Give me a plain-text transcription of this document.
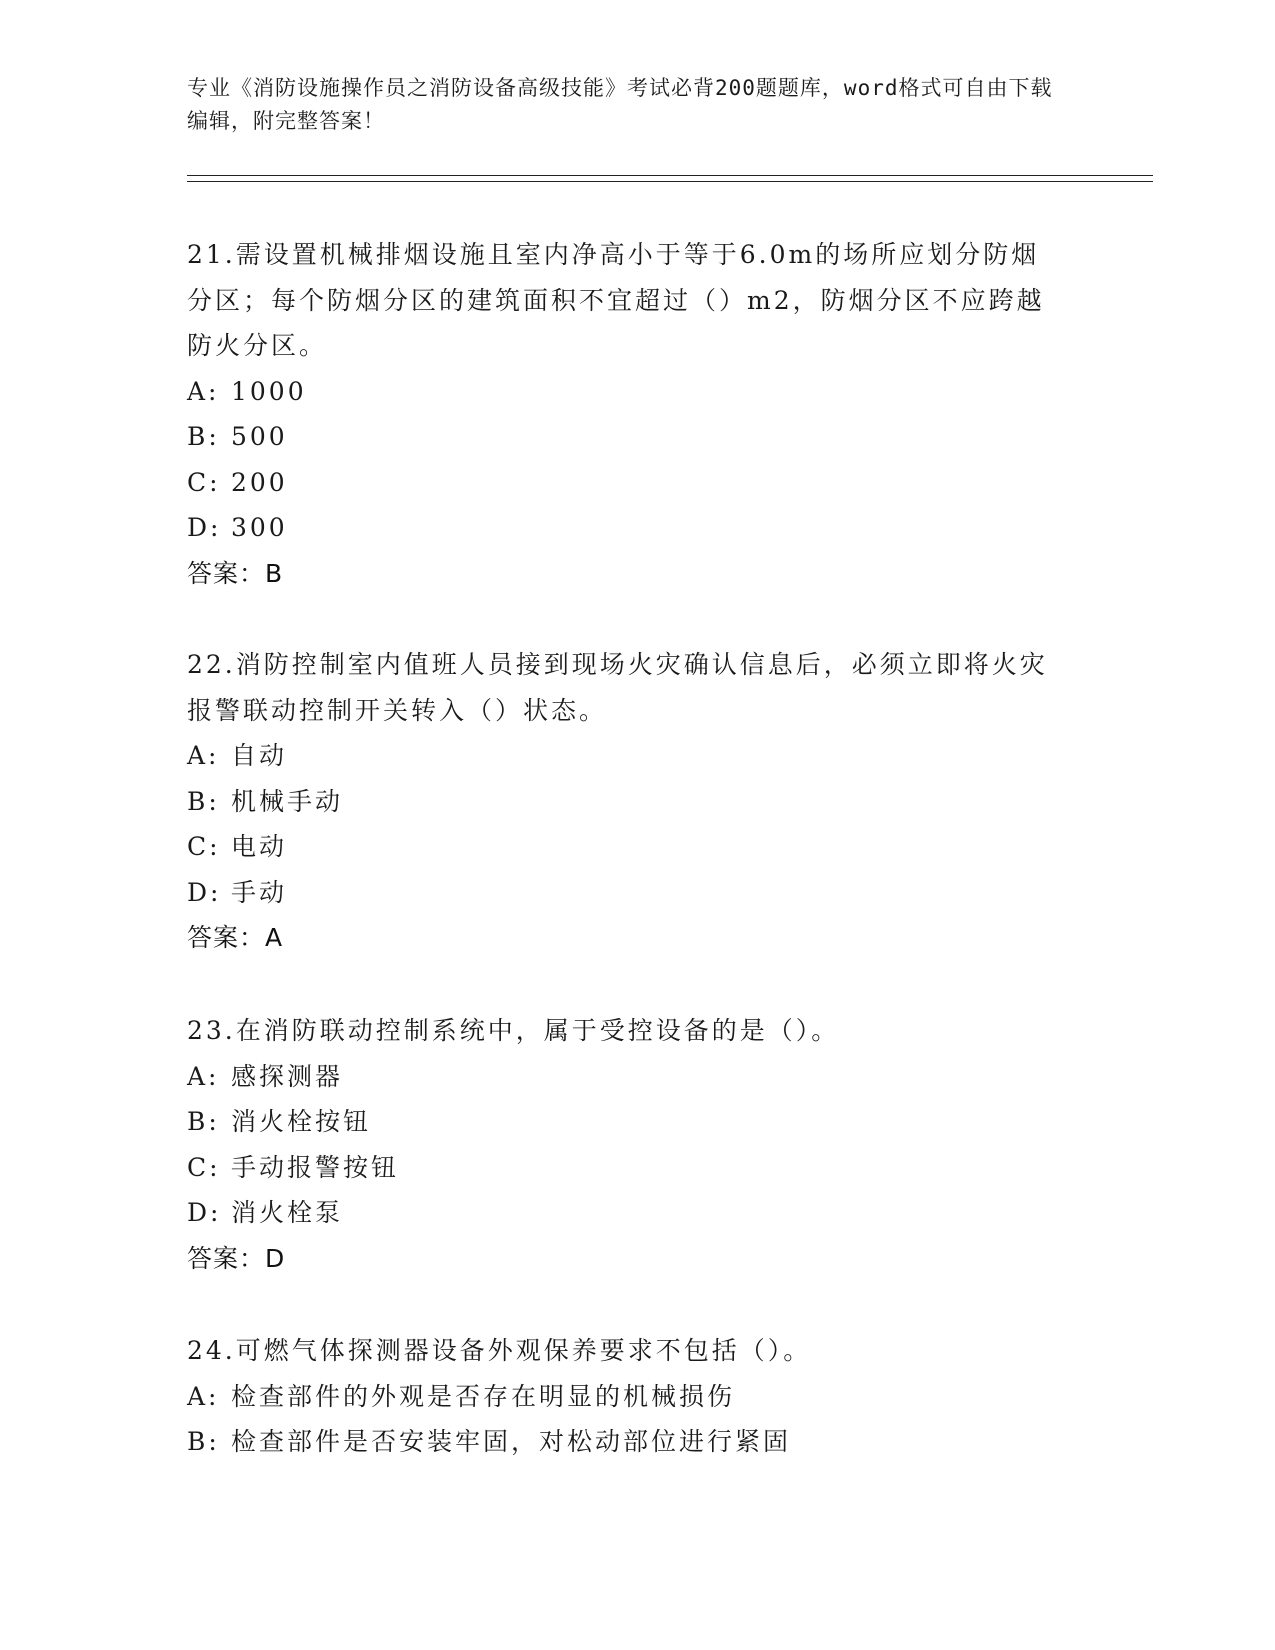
专业《消防设施操作员之消防设备高级技能》考试必背200题题库，word格式可自由下载编辑，附完整答案！

21.需设置机械排烟设施且室内净高小于等于6.0m的场所应划分防烟分区；每个防烟分区的建筑面积不宜超过（）m2，防烟分区不应跨越防火分区。

A: 1000

B: 500

C: 200

D: 300

答案：B

22.消防控制室内值班人员接到现场火灾确认信息后，必须立即将火灾报警联动控制开关转入（）状态。

A: 自动

B: 机械手动

C: 电动

D: 手动

答案：A

23.在消防联动控制系统中，属于受控设备的是（）。

A: 感探测器

B: 消火栓按钮

C: 手动报警按钮

D: 消火栓泵

答案：D

24.可燃气体探测器设备外观保养要求不包括（）。

A: 检查部件的外观是否存在明显的机械损伤

B: 检查部件是否安装牢固，对松动部位进行紧固
